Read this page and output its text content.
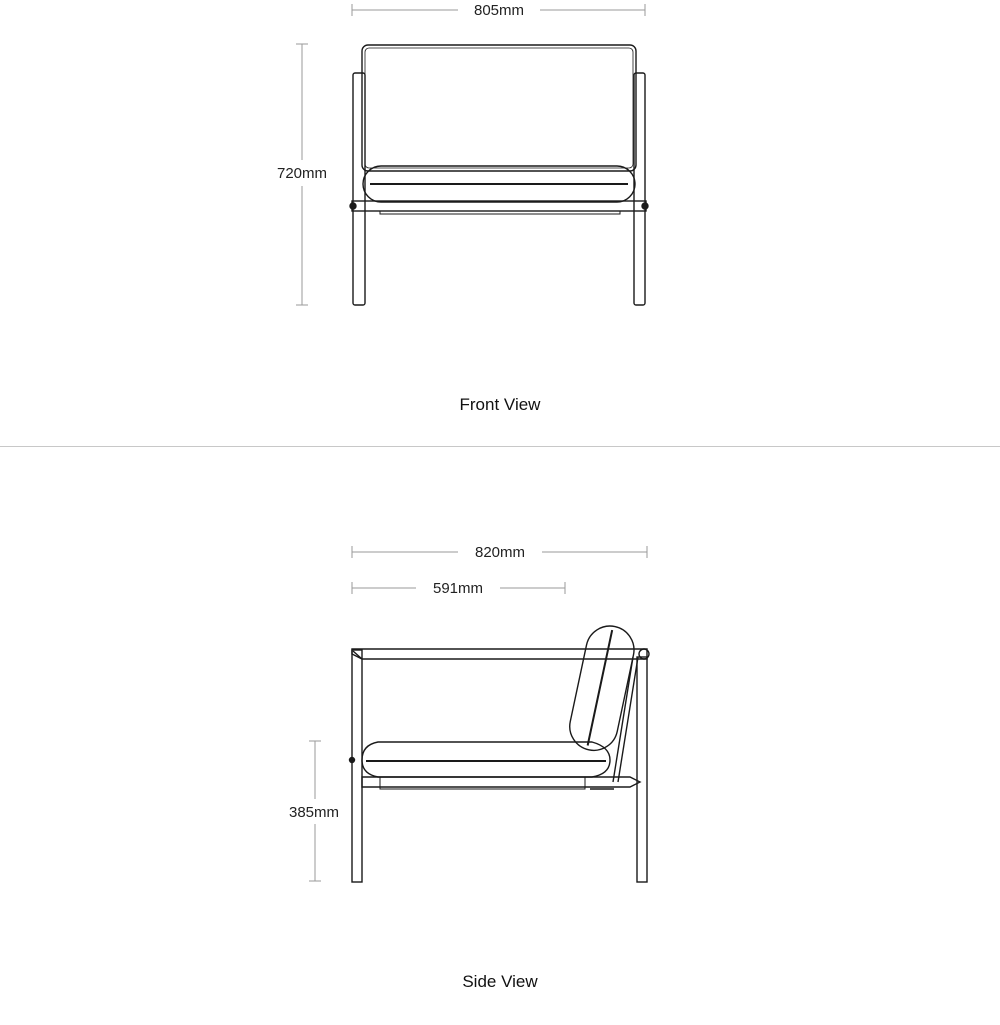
805mm
720mm
Front View
820mm
591mm
385mm
Side View
